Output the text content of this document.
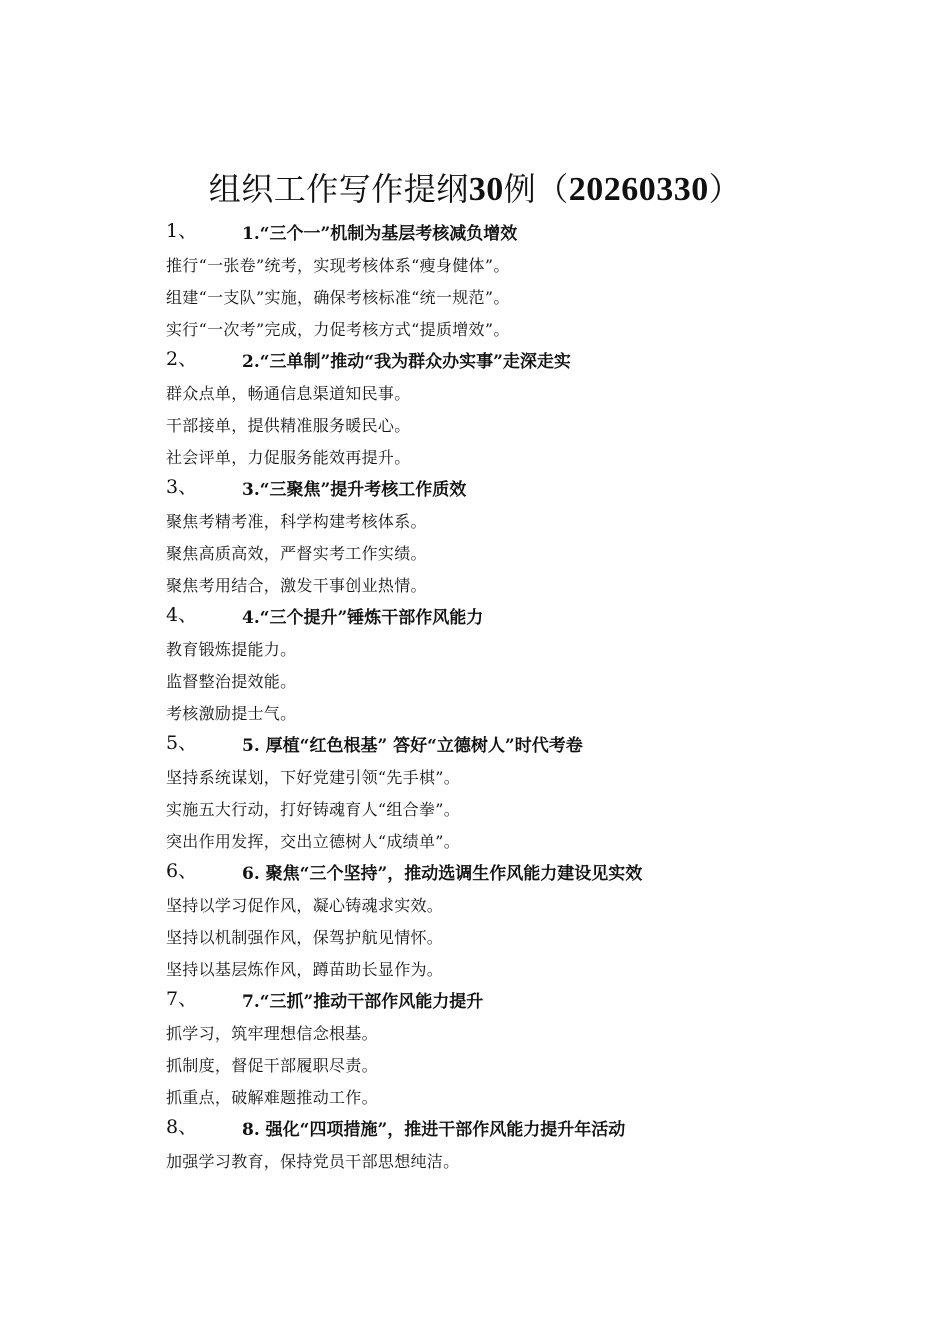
组织工作写作提纲30例（20260330）
1、	1.“三个一”机制为基层考核减负增效
推行“一张卷”统考，实现考核体系“瘦身健体”。
组建“一支队”实施，确保考核标准“统一规范”。
实行“一次考”完成，力促考核方式“提质增效”。
2、	2.“三单制”推动“我为群众办实事”走深走实
群众点单，畅通信息渠道知民事。
干部接单，提供精准服务暖民心。
社会评单，力促服务能效再提升。
3、	3.“三聚焦”提升考核工作质效
聚焦考精考准，科学构建考核体系。
聚焦高质高效，严督实考工作实绩。
聚焦考用结合，激发干事创业热情。
4、	4.“三个提升”锤炼干部作风能力
教育锻炼提能力。
监督整治提效能。
考核激励提士气。
5、	5. 厚植“红色根基” 答好“立德树人”时代考卷
坚持系统谋划，下好党建引领“先手棋”。
实施五大行动，打好铸魂育人“组合拳”。
突出作用发挥，交出立德树人“成绩单”。
6、	6. 聚焦“三个坚持”，推动选调生作风能力建设见实效
坚持以学习促作风，凝心铸魂求实效。
坚持以机制强作风，保驾护航见情怀。
坚持以基层炼作风，蹲苗助长显作为。
7、	7.“三抓”推动干部作风能力提升
抓学习，筑牢理想信念根基。
抓制度，督促干部履职尽责。
抓重点，破解难题推动工作。
8、	8. 强化“四项措施”，推进干部作风能力提升年活动
加强学习教育，保持党员干部思想纯洁。
